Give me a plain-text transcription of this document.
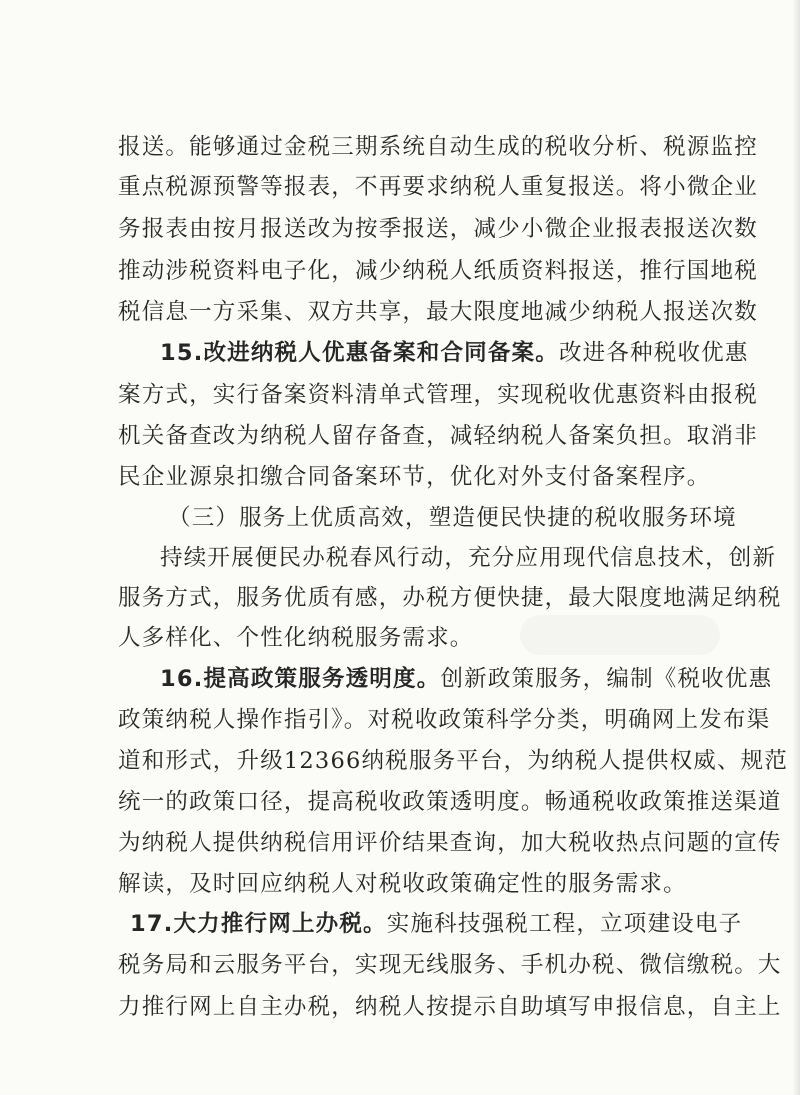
报送。能够通过金税三期系统自动生成的税收分析、税源监控
重点税源预警等报表，不再要求纳税人重复报送。将小微企业
务报表由按月报送改为按季报送，减少小微企业报表报送次数
推动涉税资料电子化，减少纳税人纸质资料报送，推行国地税
税信息一方采集、双方共享，最大限度地减少纳税人报送次数
15.改进纳税人优惠备案和合同备案。改进各种税收优惠
案方式，实行备案资料清单式管理，实现税收优惠资料由报税
机关备查改为纳税人留存备查，减轻纳税人备案负担。取消非
民企业源泉扣缴合同备案环节，优化对外支付备案程序。
（三）服务上优质高效，塑造便民快捷的税收服务环境
持续开展便民办税春风行动，充分应用现代信息技术，创新
服务方式，服务优质有感，办税方便快捷，最大限度地满足纳税
人多样化、个性化纳税服务需求。
16.提高政策服务透明度。创新政策服务，编制《税收优惠
政策纳税人操作指引》。对税收政策科学分类，明确网上发布渠
道和形式，升级12366纳税服务平台，为纳税人提供权威、规范
统一的政策口径，提高税收政策透明度。畅通税收政策推送渠道
为纳税人提供纳税信用评价结果查询，加大税收热点问题的宣传
解读，及时回应纳税人对税收政策确定性的服务需求。
17.大力推行网上办税。实施科技强税工程，立项建设电子
税务局和云服务平台，实现无线服务、手机办税、微信缴税。大
力推行网上自主办税，纳税人按提示自助填写申报信息，自主上
